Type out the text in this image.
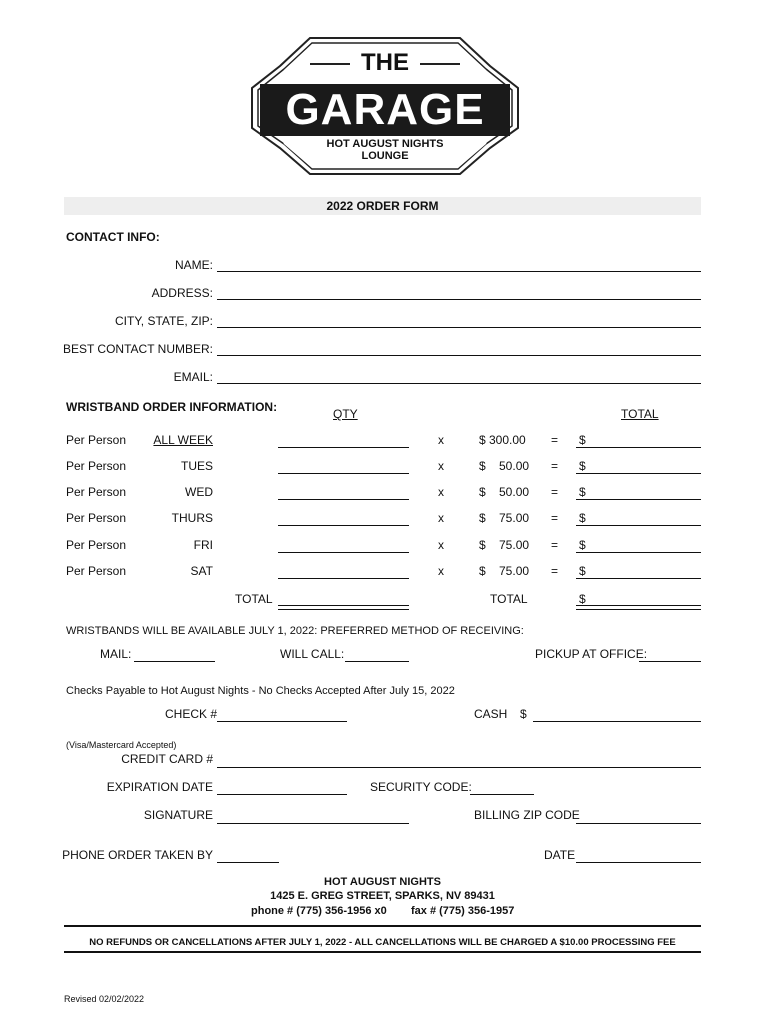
THE
GARAGE
HOT AUGUST NIGHTS
LOUNGE
2022 ORDER FORM
CONTACT INFO:
NAME:
ADDRESS:
CITY, STATE, ZIP:
BEST CONTACT NUMBER:
EMAIL:
WRISTBAND ORDER INFORMATION:	QTY	TOTAL
Per Person	ALL WEEK	x	$ 300.00 = $
Per Person	TUES	x	$    50.00 = $
Per Person	WED	x	$    50.00 = $
Per Person	THURS	x	$    75.00 = $
Per Person	FRI	x	$    75.00 = $
Per Person	SAT	x	$    75.00 = $
TOTAL	TOTAL	$
WRISTBANDS WILL BE AVAILABLE JULY 1, 2022: PREFERRED METHOD OF RECEIVING:
MAIL:	WILL CALL:	PICKUP AT OFFICE:
Checks Payable to Hot August Nights - No Checks Accepted After July 15, 2022
CHECK #	CASH $
(Visa/Mastercard Accepted)
CREDIT CARD #
EXPIRATION DATE	SECURITY CODE:
SIGNATURE	BILLING ZIP CODE
PHONE ORDER TAKEN BY	DATE
HOT AUGUST NIGHTS
1425 E. GREG STREET, SPARKS, NV 89431
phone # (775) 356-1956 x0 fax # (775) 356-1957
NO REFUNDS OR CANCELLATIONS AFTER JULY 1, 2022 - ALL CANCELLATIONS WILL BE CHARGED A $10.00 PROCESSING FEE
Revised 02/02/2022
